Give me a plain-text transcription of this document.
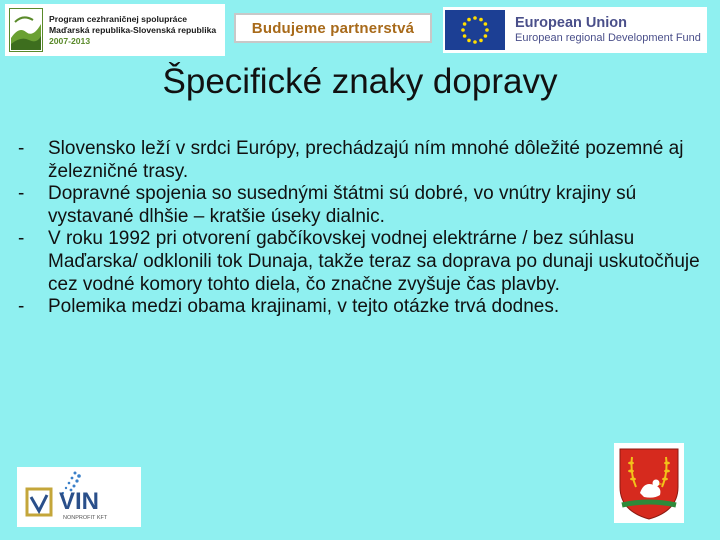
Program cezhraničnej spolupráce
Maďarská republika-Slovenská republika
2007-2013
Budujeme partnerstvá	European Union
European regional Development Fund
Špecifické znaky dopravy
- Slovensko leží v srdci Európy, prechádzajú ním mnohé dôležité pozemné aj železničné trasy.
- Dopravné spojenia so susednými štátmi sú dobré, vo vnútry krajiny sú vystavané dlhšie – kratšie úseky dialnic.
- V roku 1992 pri otvorení gabčíkovskej vodnej elektrárne / bez súhlasu Maďarska/ odklonili tok Dunaja, takže teraz sa doprava po dunaji uskutočňuje cez vodné komory tohto diela, čo značne zvyšuje čas plavby.
- Polemika medzi obama krajinami, v tejto otázke trvá dodnes.
VIN
NONPROFIT KFT
